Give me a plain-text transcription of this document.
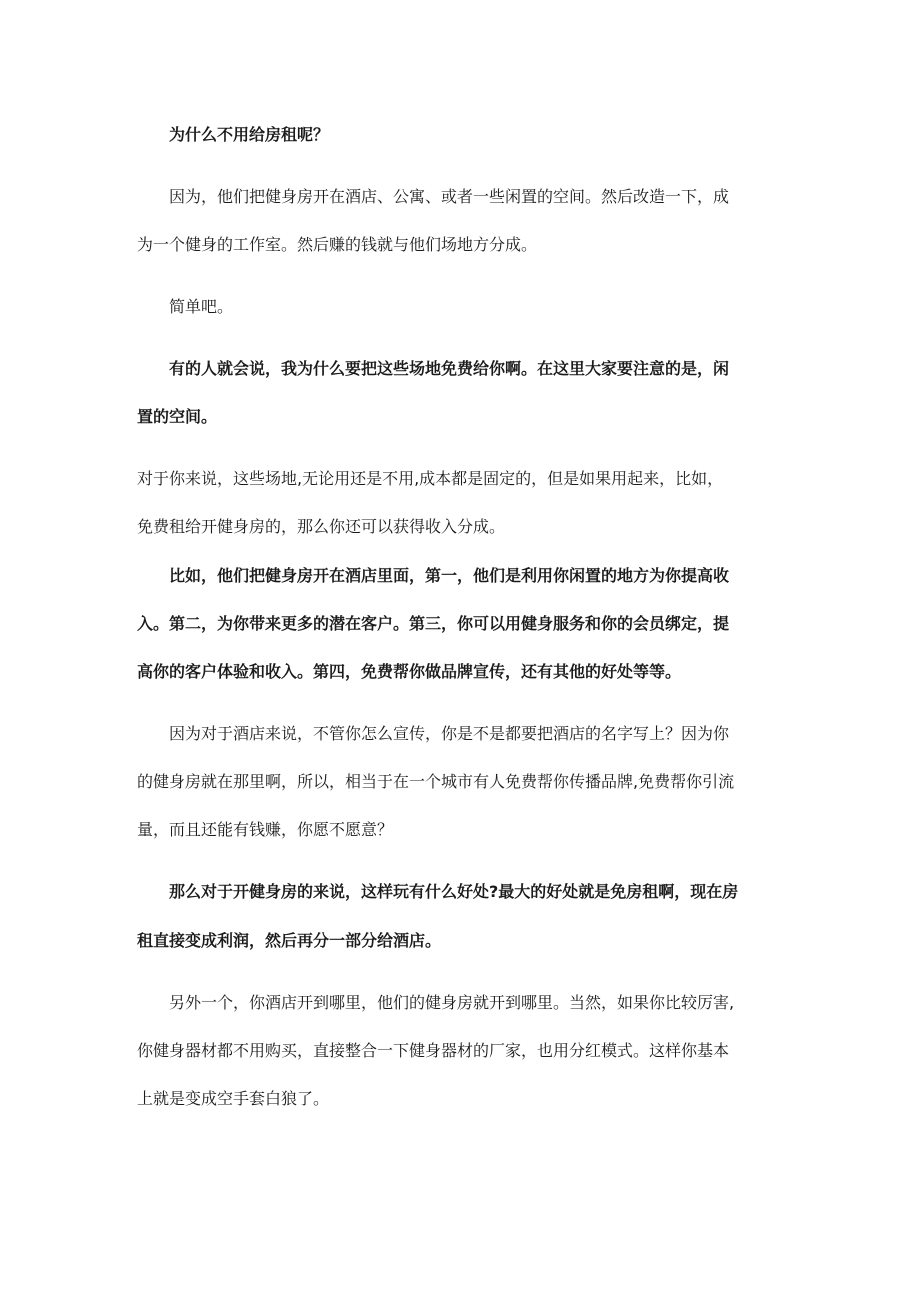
为什么不用给房租呢？

因为，他们把健身房开在酒店、公寓、或者一些闲置的空间。然后改造一下，成

为一个健身的工作室。然后赚的钱就与他们场地方分成。

简单吧。

有的人就会说，我为什么要把这些场地免费给你啊。在这里大家要注意的是，闲

置的空间。

对于你来说，这些场地,无论用还是不用,成本都是固定的，但是如果用起来，比如，

免费租给开健身房的，那么你还可以获得收入分成。

比如，他们把健身房开在酒店里面，第一，他们是利用你闲置的地方为你提高收

入。第二，为你带来更多的潜在客户。第三，你可以用健身服务和你的会员绑定，提

高你的客户体验和收入。第四，免费帮你做品牌宣传，还有其他的好处等等。

因为对于酒店来说，不管你怎么宣传，你是不是都要把酒店的名字写上？因为你

的健身房就在那里啊，所以，相当于在一个城市有人免费帮你传播品牌,免费帮你引流

量，而且还能有钱赚，你愿不愿意？

那么对于开健身房的来说，这样玩有什么好处?最大的好处就是免房租啊，现在房

租直接变成利润，然后再分一部分给酒店。

另外一个，你酒店开到哪里，他们的健身房就开到哪里。当然，如果你比较厉害,

你健身器材都不用购买，直接整合一下健身器材的厂家，也用分红模式。这样你基本

上就是变成空手套白狼了。
